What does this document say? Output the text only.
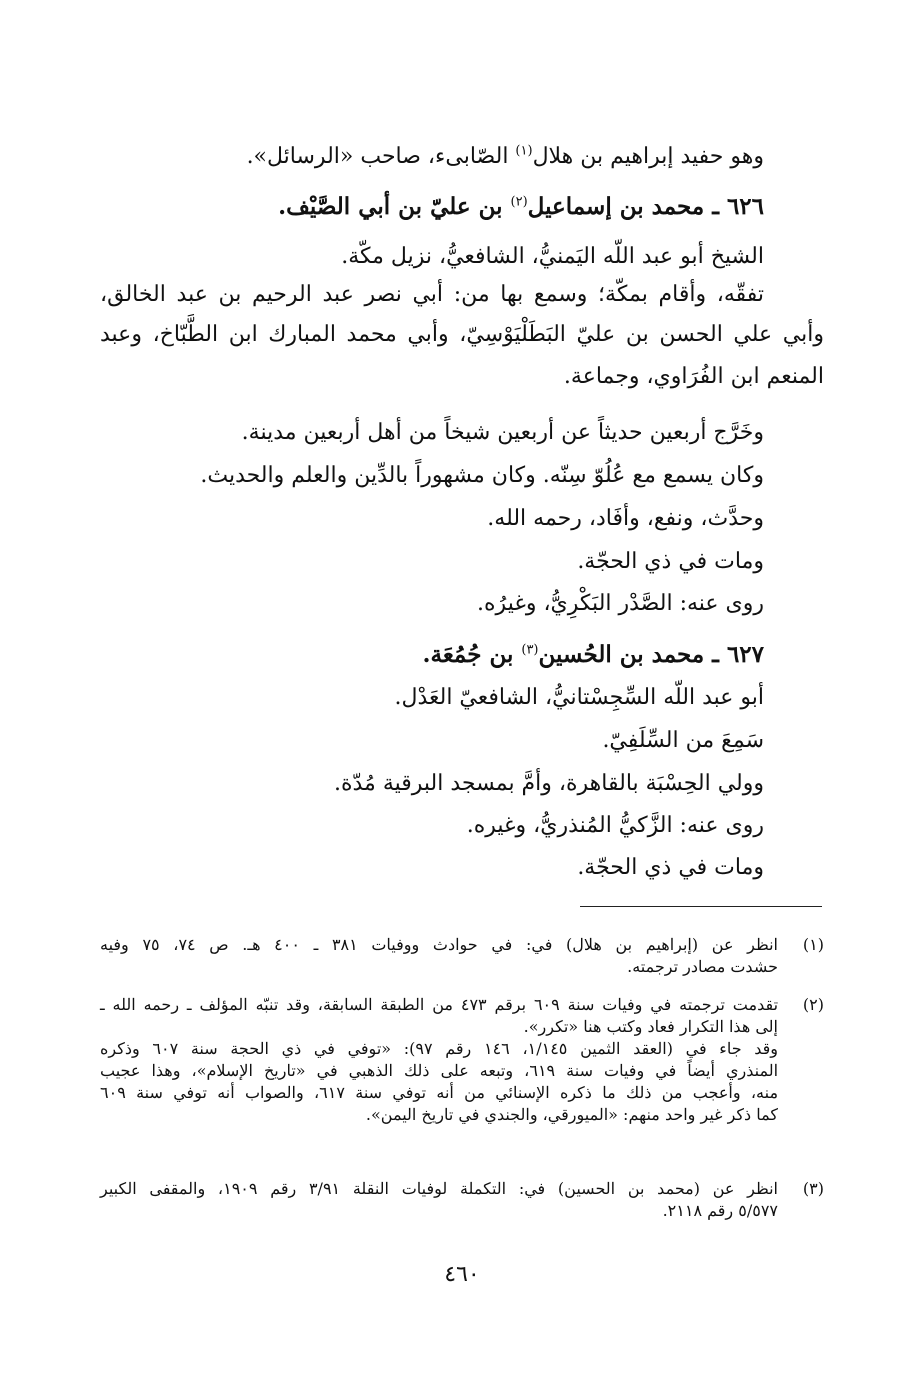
وهو حفيد إبراهيم بن هلال$^{(١)}$ الصّابىء، صاحب «الرسائل».
٦٢٦ ـ محمد بن إسماعيل$^{(٢)}$ بن عليّ بن أبي الصَّيْف.
الشيخ أبو عبد اللّه اليَمنيُّ، الشافعيُّ، نزيل مكّة.
تفقّه، وأقام بمكّة؛ وسمع بها من: أبي نصر عبد الرحيم بن عبد الخالق،
وأبي علي الحسن بن عليّ البَطَلْيَوْسِيّ، وأبي محمد المبارك ابن الطَّبّاخ، وعبد
المنعم ابن الفُرَاوي، وجماعة.
وخَرَّج أربعين حديثاً عن أربعين شيخاً من أهل أربعين مدينة.
وكان يسمع مع عُلُوّ سِنّه. وكان مشهوراً بالدِّين والعلم والحديث.
وحدَّث، ونفع، وأفَاد، رحمه الله.
ومات في ذي الحجّة.
روى عنه: الصَّدْر البَكْرِيُّ، وغيرُه.
٦٢٧ ـ محمد بن الحُسين$^{(٣)}$ بن جُمُعَة.
أبو عبد اللّه السِّجِسْتانيُّ، الشافعيّ العَدْل.
سَمِعَ من السِّلَفِيّ.
وولي الحِسْبَة بالقاهرة، وأمَّ بمسجد البرقية مُدّة.
روى عنه: الزَّكيُّ المُنذريُّ، وغيره.
ومات في ذي الحجّة.
(١)
انظر عن (إبراهيم بن هلال) في: في حوادث ووفيات ٣٨١ ـ ٤٠٠ هـ. ص ٧٤، ٧٥ وفيه
حشدت مصادر ترجمته.
(٢)
تقدمت ترجمته في وفيات سنة ٦٠٩ برقم ٤٧٣ من الطبقة السابقة، وقد تنبّه المؤلف ـ رحمه الله ـ
إلى هذا التكرار فعاد وكتب هنا «تكرر».
وقد جاء في (العقد الثمين ١/١٤٥، ١٤٦ رقم ٩٧): «توفي في ذي الحجة سنة ٦٠٧ وذكره
المنذري أيضاً في وفيات سنة ٦١٩، وتبعه على ذلك الذهبي في «تاريخ الإسلام»، وهذا عجيب
منه، وأعجب من ذلك ما ذكره الإسنائي من أنه توفي سنة ٦١٧، والصواب أنه توفي سنة ٦٠٩
كما ذكر غير واحد منهم: «الميورقي، والجندي في تاريخ اليمن».
(٣)
انظر عن (محمد بن الحسين) في: التكملة لوفيات النقلة ٣/٩١ رقم ١٩٠٩، والمقفى الكبير
٥/٥٧٧ رقم ٢١١٨.
٤٦٠
